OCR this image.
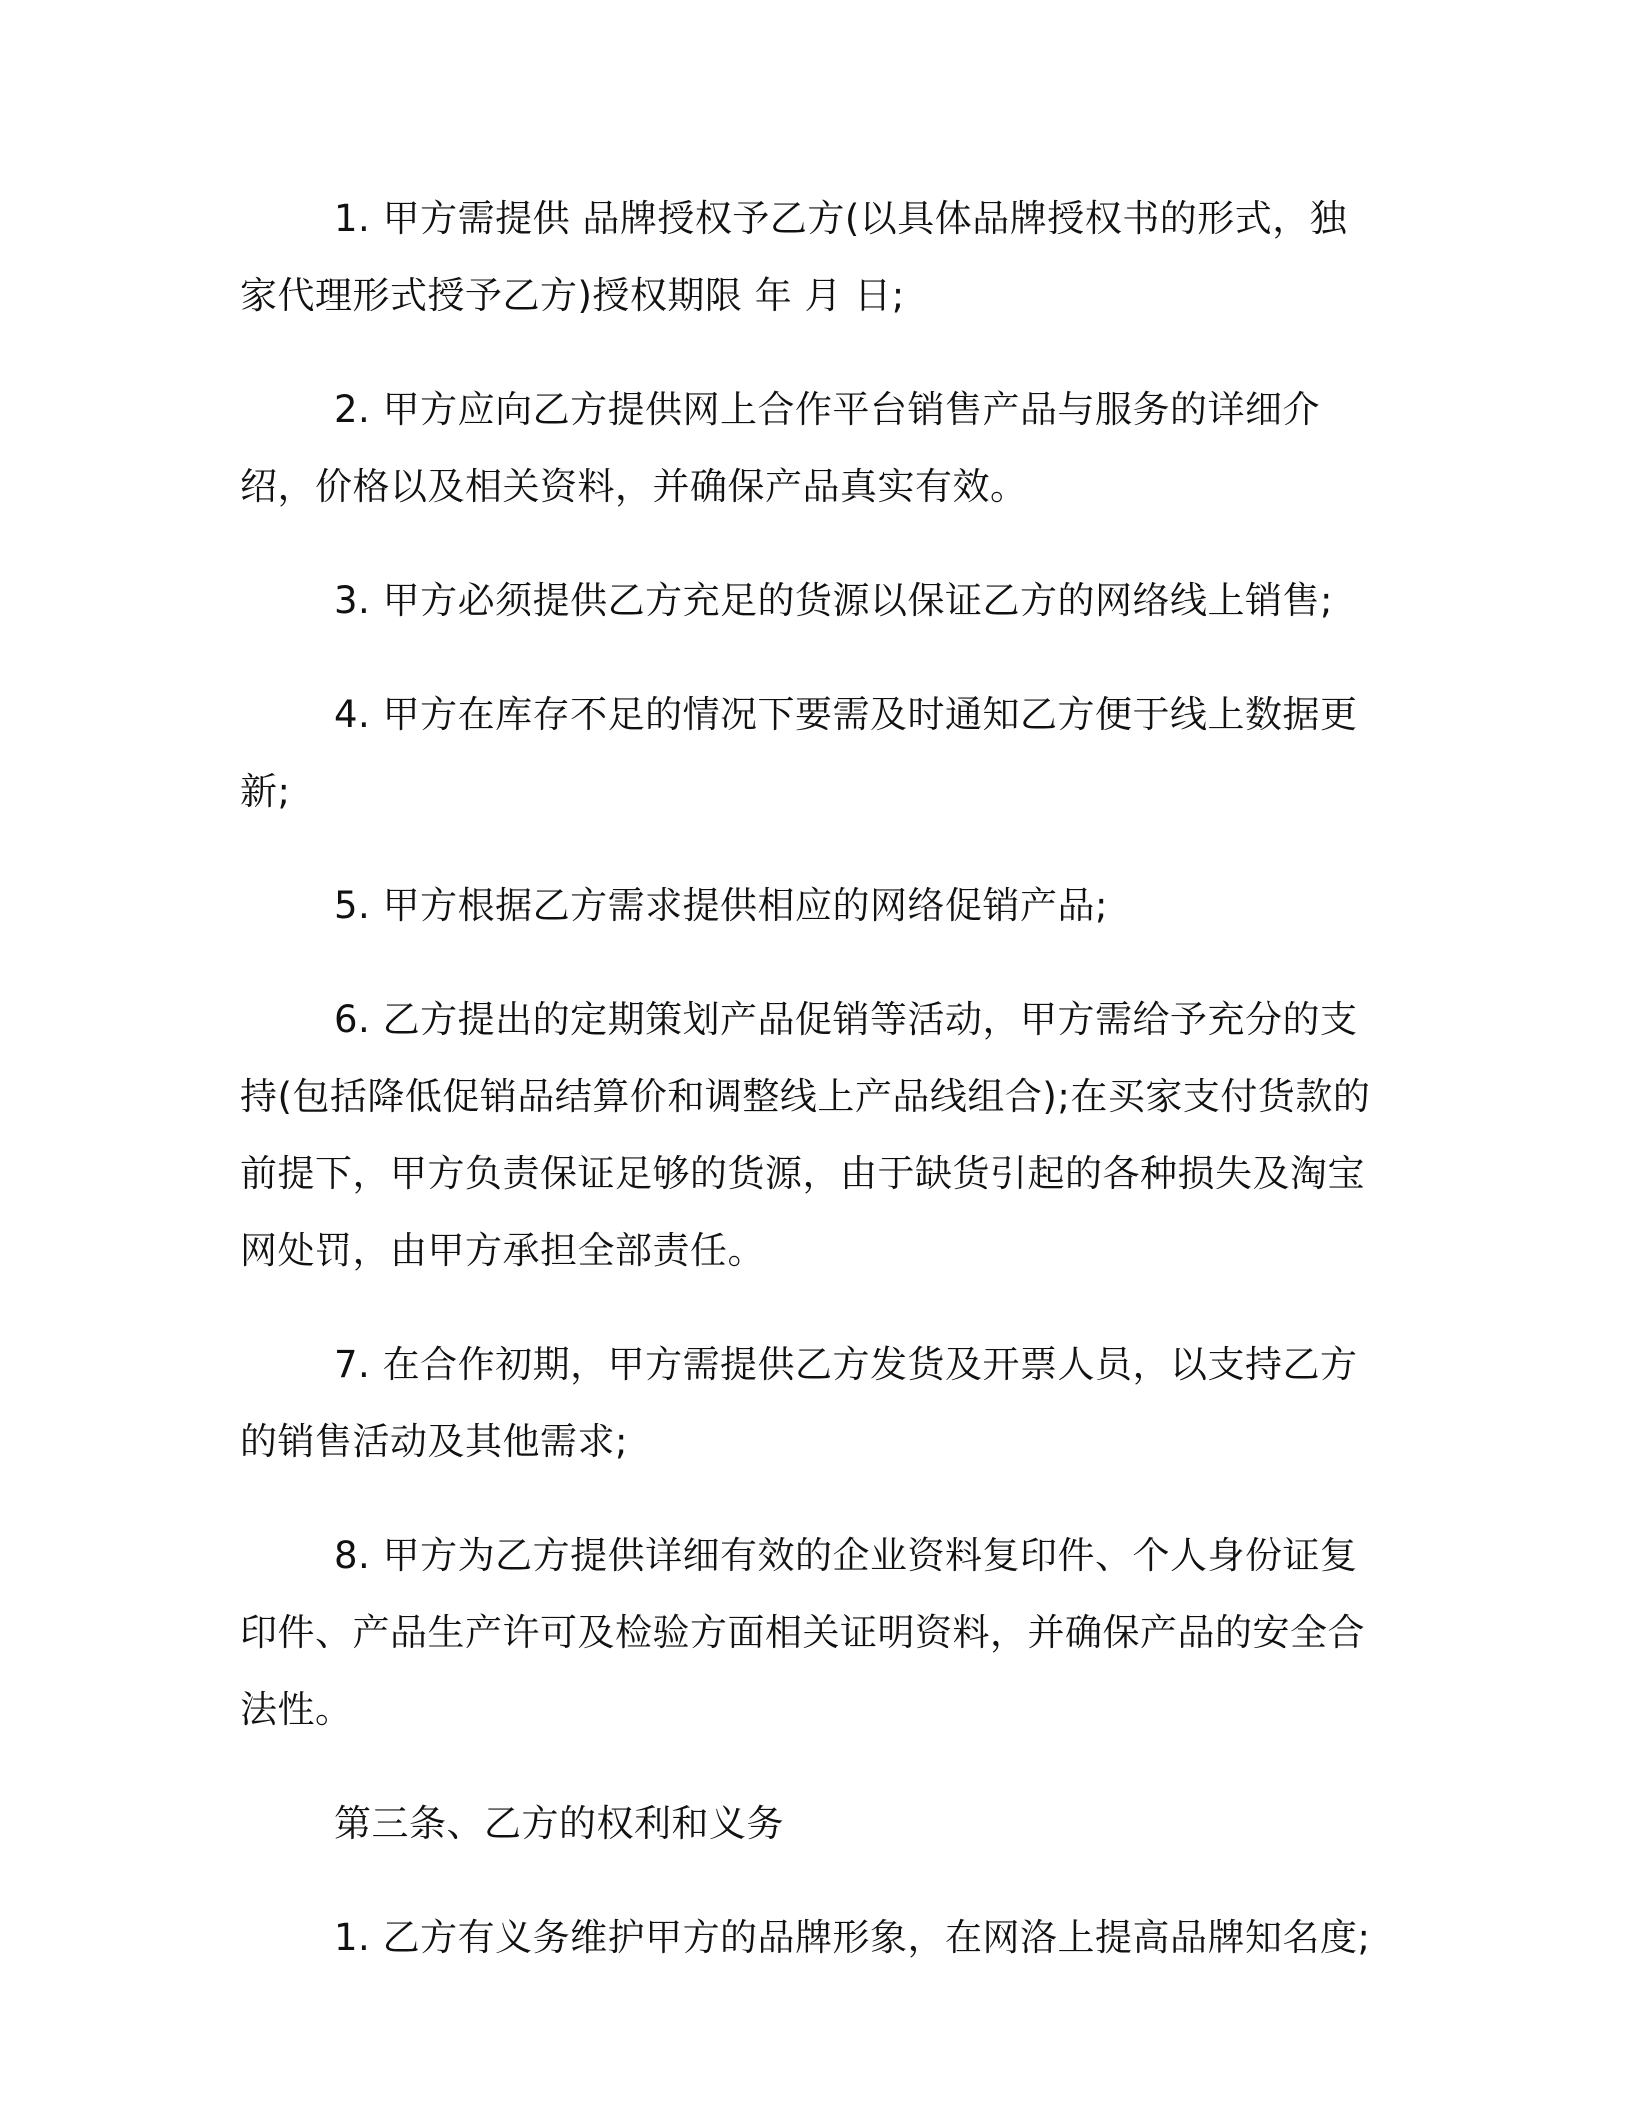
1. 甲方需提供 品牌授权予乙方(以具体品牌授权书的形式，独家代理形式授予乙方)授权期限 年 月 日;

2. 甲方应向乙方提供网上合作平台销售产品与服务的详细介绍，价格以及相关资料，并确保产品真实有效。

3. 甲方必须提供乙方充足的货源以保证乙方的网络线上销售;

4. 甲方在库存不足的情况下要需及时通知乙方便于线上数据更新;

5. 甲方根据乙方需求提供相应的网络促销产品;

6. 乙方提出的定期策划产品促销等活动，甲方需给予充分的支持(包括降低促销品结算价和调整线上产品线组合);在买家支付货款的前提下，甲方负责保证足够的货源，由于缺货引起的各种损失及淘宝网处罚，由甲方承担全部责任。

7. 在合作初期，甲方需提供乙方发货及开票人员，以支持乙方的销售活动及其他需求;

8. 甲方为乙方提供详细有效的企业资料复印件、个人身份证复印件、产品生产许可及检验方面相关证明资料，并确保产品的安全合法性。

第三条、乙方的权利和义务

1. 乙方有义务维护甲方的品牌形象，在网洛上提高品牌知名度;
